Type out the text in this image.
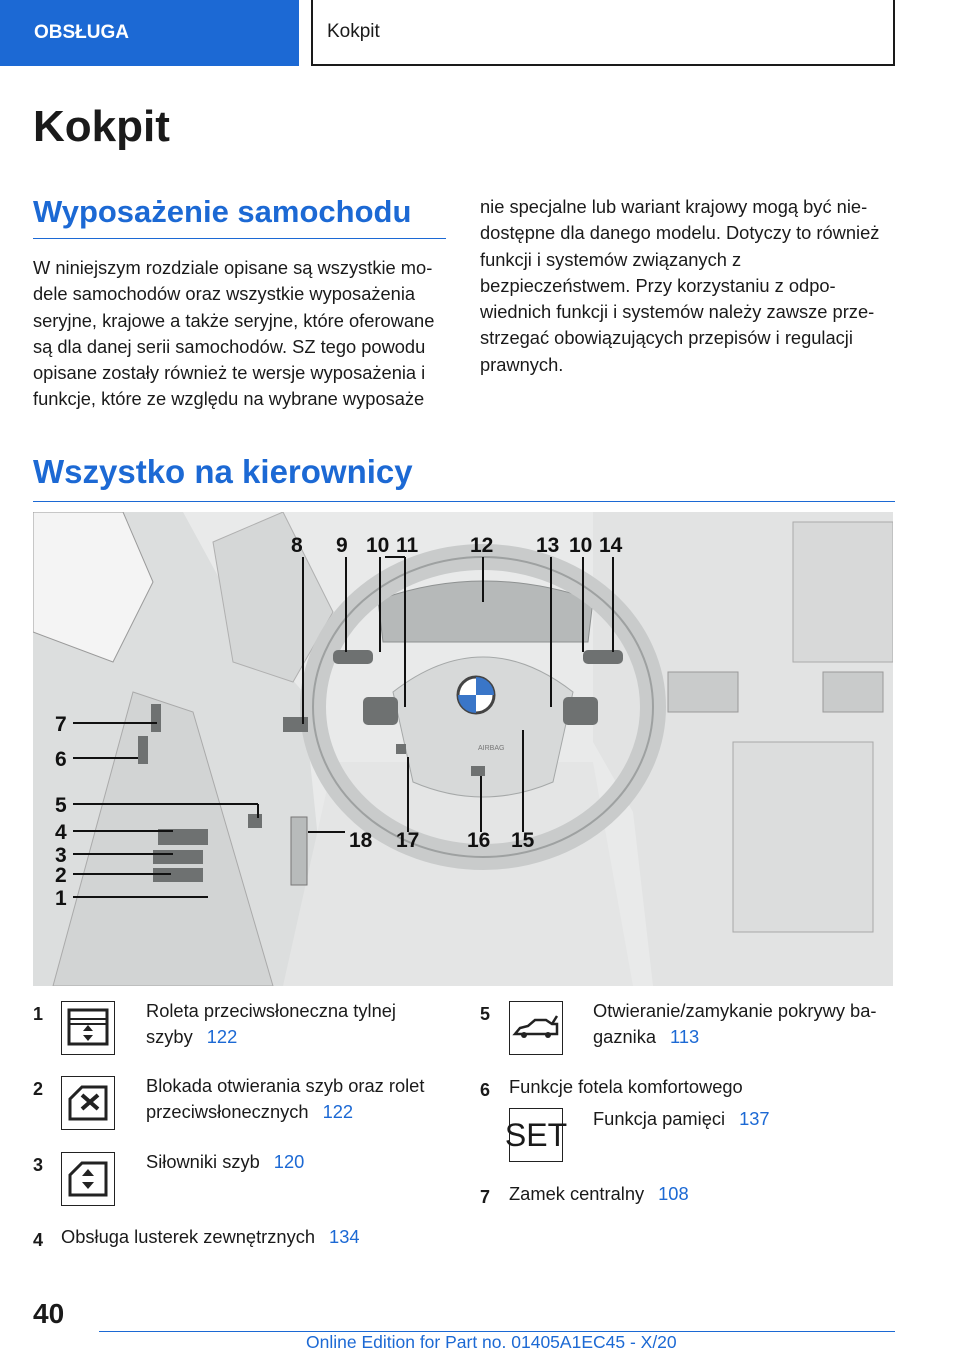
OBSŁUGA	Kokpit
Kokpit
Wyposażenie samochodu

W niniejszym rozdziale opisane są wszystkie modele samochodów oraz wszystkie wyposażenia seryjne, krajowe a także seryjne, które oferowane są dla danej serii samochodów. SZ tego powodu opisane zostały również te wersje wyposażenia i funkcje, które ze względu na wybrane wyposaże

nie specjalne lub wariant krajowy mogą być niedostępne dla danego modelu. Dotyczy to również funkcji i systemów związanych z bezpieczeństwem. Przy korzystaniu z odpowiednich funkcji i systemów należy zawsze przestrzegać obowiązujących przepisów i regulacji prawnych.

Wszystko na kierownicy
AIRBAG
8 9 10 11 12 13 10 14
15
16
17
18
7
6
5
4
3
2
1
1	Roleta przeciwsłoneczna tylnej szyby 122
2	Blokada otwierania szyb oraz rolet przeciwsłonecznych 122
3	Siłowniki szyb 120
4 Obsługa lusterek zewnętrznych 134
5	Otwieranie/zamykanie pokrywy bagaznika 113
6 Funkcje fotela komfortowego
SET Funkcja pamięci 137
7 Zamek centralny 108
40
Online Edition for Part no. 01405A1EC45 - X/20
